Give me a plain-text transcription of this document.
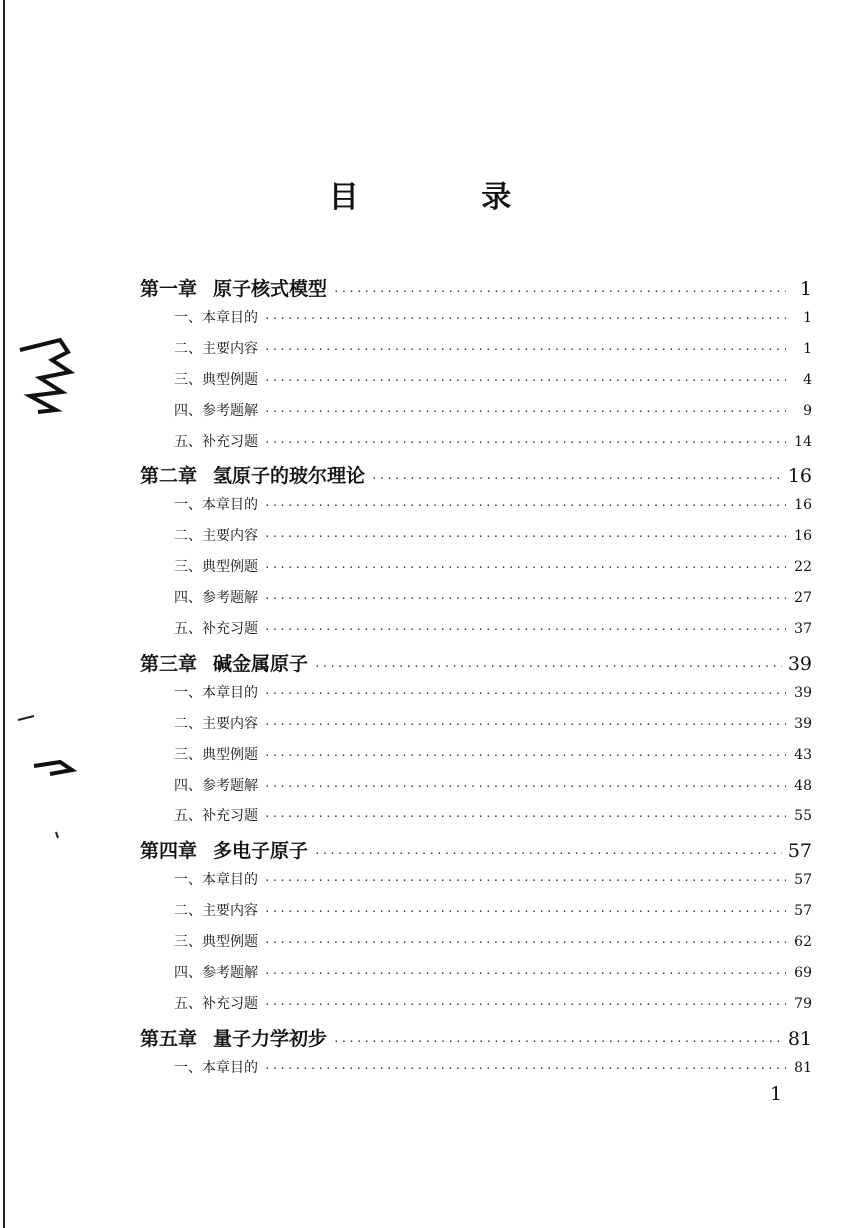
目 录
第一章 原子核式模型 ·····	1
一、本章目的 ·····	1
二、主要内容 ·····	1
三、典型例题 ·····	4
四、参考题解 ·····	9
五、补充习题 ·····	14
第二章 氢原子的玻尔理论 ·····	16
一、本章目的 ·····	16
二、主要内容 ·····	16
三、典型例题 ·····	22
四、参考题解 ·····	27
五、补充习题 ·····	37
第三章 碱金属原子 ·····	39
一、本章目的 ·····	39
二、主要内容 ·····	39
三、典型例题 ·····	43
四、参考题解 ·····	48
五、补充习题 ·····	55
第四章 多电子原子 ·····	57
一、本章目的 ·····	57
二、主要内容 ·····	57
三、典型例题 ·····	62
四、参考题解 ·····	69
五、补充习题 ·····	79
第五章 量子力学初步 ·····	81
一、本章目的 ·····	81
1
